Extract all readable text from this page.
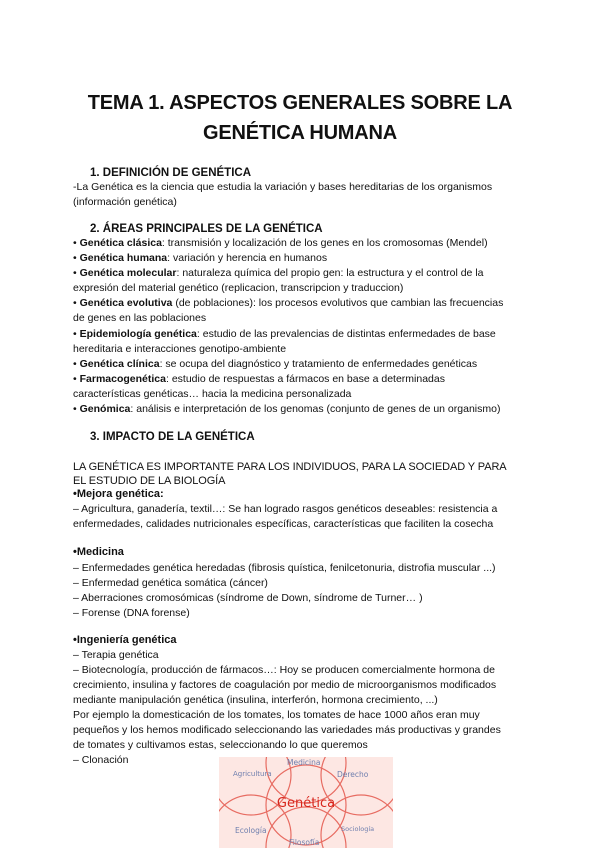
TEMA 1. ASPECTOS GENERALES SOBRE LA
GENÉTICA HUMANA
1. DEFINICIÓN DE GENÉTICA
-La Genética es la ciencia que estudia la variación y bases hereditarias de los organismos
(información genética)
2. ÁREAS PRINCIPALES DE LA GENÉTICA
• Genética clásica: transmisión y localización de los genes en los cromosomas (Mendel)
• Genética humana: variación y herencia en humanos
• Genética molecular: naturaleza química del propio gen: la estructura y el control de la
expresión del material genético (replicacion, transcripcion y traduccion)
• Genética evolutiva (de poblaciones): los procesos evolutivos que cambian las frecuencias
de genes en las poblaciones
• Epidemiología genética: estudio de las prevalencias de distintas enfermedades de base
hereditaria e interacciones genotipo-ambiente
• Genética clínica: se ocupa del diagnóstico y tratamiento de enfermedades genéticas
• Farmacogenética: estudio de respuestas a fármacos en base a determinadas
características genéticas… hacia la medicina personalizada
• Genómica: análisis e interpretación de los genomas (conjunto de genes de un organismo)
3. IMPACTO DE LA GENÉTICA
LA GENÉTICA ES IMPORTANTE PARA LOS INDIVIDUOS, PARA LA SOCIEDAD Y PARA
EL ESTUDIO DE LA BIOLOGÍA
•Mejora genética:
– Agricultura, ganadería, textil…: Se han logrado rasgos genéticos deseables: resistencia a
enfermedades, calidades nutricionales específicas, características que faciliten la cosecha
•Medicina
– Enfermedades genética heredadas (fibrosis quística, fenilcetonuria, distrofia muscular ...)
– Enfermedad genética somática (cáncer)
– Aberraciones cromosómicas (síndrome de Down, síndrome de Turner… )
– Forense (DNA forense)
•Ingeniería genética
– Terapia genética
– Biotecnología, producción de fármacos…: Hoy se producen comercialmente hormona de
crecimiento, insulina y factores de coagulación por medio de microorganismos modificados
mediante manipulación genética (insulina, interferón, hormona crecimiento, ...)
Por ejemplo la domesticación de los tomates, los tomates de hace 1000 años eran muy
pequeños y los hemos modificado seleccionando las variedades más productivas y grandes
de tomates y cultivamos estas, seleccionando lo que queremos
– Clonación
Genética
Agricultura
Medicina
Derecho
Ecología
Filosofía
Sociología
